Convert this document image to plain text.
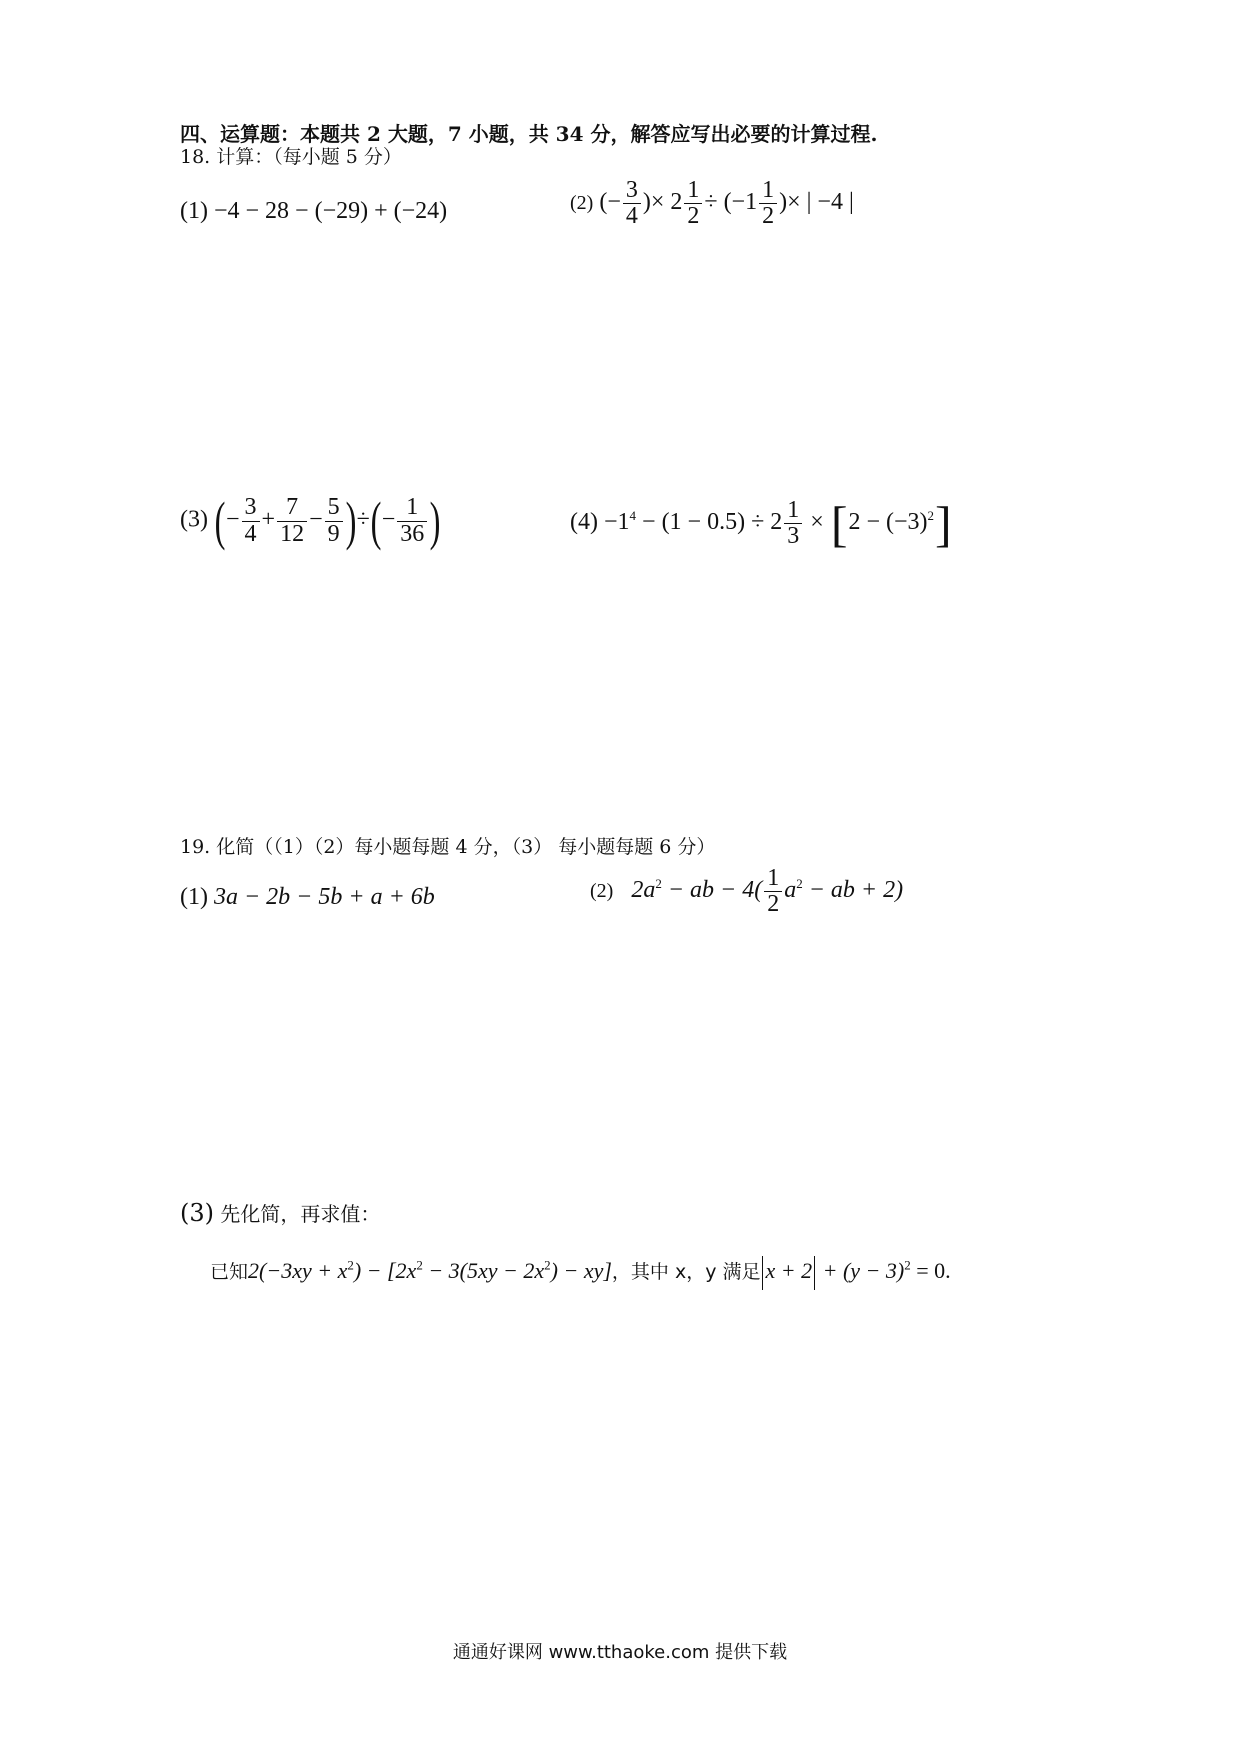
四、运算题：本题共 2 大题，7 小题，共 34 分，解答应写出必要的计算过程.
18. 计算：（每小题 5 分）
(1) −4 − 28 − (−29) + (−24)	(2) (− $\frac{3}{4}$ )× $2 \frac{1}{2} \div (-1 \frac{1}{2}$ )× | −4 |
(3) (− $\frac{3}{4} + \frac{7}{12} - \frac{5}{9}$ )÷(− $\frac{1}{36}$ )	$(4) -1^4 - (1 - 0.5) \div 2 \frac{1}{3} \times [2 - (-3)^2]$
19. 化简（（1）（2）每小题每题 4 分，（3） 每小题每题 6 分）
(1) 3a − 2b − 5b + a + 6b	(2) $2a^2$ − ab − $4( \frac{1}{2} a^2$ − ab + 2)
(3) 先化简，再求值：
已知$2(-3xy + x^2) - [2x^2 - 3(5xy - 2x^2) - xy]$，其中 x，y 满足 $x + 2 + (y - 3)^2 = 0$.
通通好课网 www.tthaoke.com 提供下载
